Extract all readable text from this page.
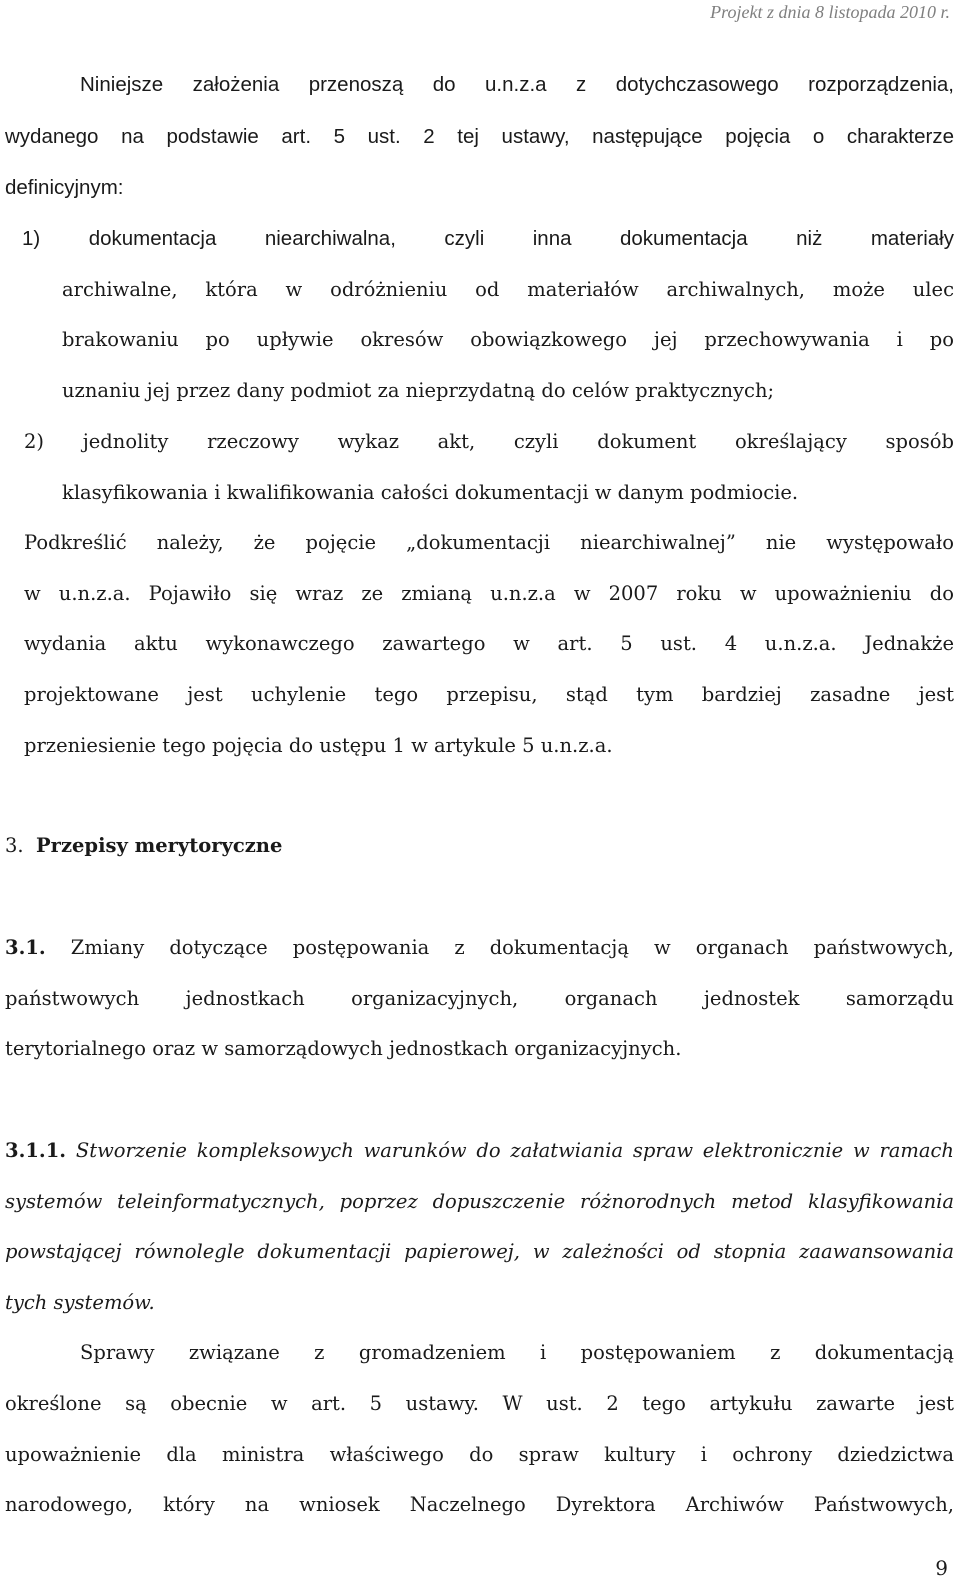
Projekt z dnia 8 listopada 2010 r.
Niniejsze założenia przenoszą do u.n.z.a z dotychczasowego rozporządzenia,
wydanego na podstawie art. 5 ust. 2 tej ustawy, następujące pojęcia o charakterze
definicyjnym:
1) dokumentacja niearchiwalna, czyli inna dokumentacja niż materiały
archiwalne, która w odróżnieniu od materiałów archiwalnych, może ulec
brakowaniu po upływie okresów obowiązkowego jej przechowywania i po
uznaniu jej przez dany podmiot za nieprzydatną do celów praktycznych;
2) jednolity rzeczowy wykaz akt, czyli dokument określający sposób
klasyfikowania i kwalifikowania całości dokumentacji w danym podmiocie.
Podkreślić należy, że pojęcie „dokumentacji niearchiwalnej” nie występowało
w u.n.z.a. Pojawiło się wraz ze zmianą u.n.z.a w 2007 roku w upoważnieniu do
wydania aktu wykonawczego zawartego w art. 5 ust. 4 u.n.z.a. Jednakże
projektowane jest uchylenie tego przepisu, stąd tym bardziej zasadne jest
przeniesienie tego pojęcia do ustępu 1 w artykule 5 u.n.z.a.
3. Przepisy merytoryczne
3.1. Zmiany dotyczące postępowania z dokumentacją w organach państwowych,
państwowych jednostkach organizacyjnych, organach jednostek samorządu
terytorialnego oraz w samorządowych jednostkach organizacyjnych.
3.1.1. Stworzenie kompleksowych warunków do załatwiania spraw elektronicznie w ramach
systemów teleinformatycznych, poprzez dopuszczenie różnorodnych metod klasyfikowania
powstającej równolegle dokumentacji papierowej, w zależności od stopnia zaawansowania
tych systemów.
Sprawy związane z gromadzeniem i postępowaniem z dokumentacją
określone są obecnie w art. 5 ustawy. W ust. 2 tego artykułu zawarte jest
upoważnienie dla ministra właściwego do spraw kultury i ochrony dziedzictwa
narodowego, który na wniosek Naczelnego Dyrektora Archiwów Państwowych,
9
